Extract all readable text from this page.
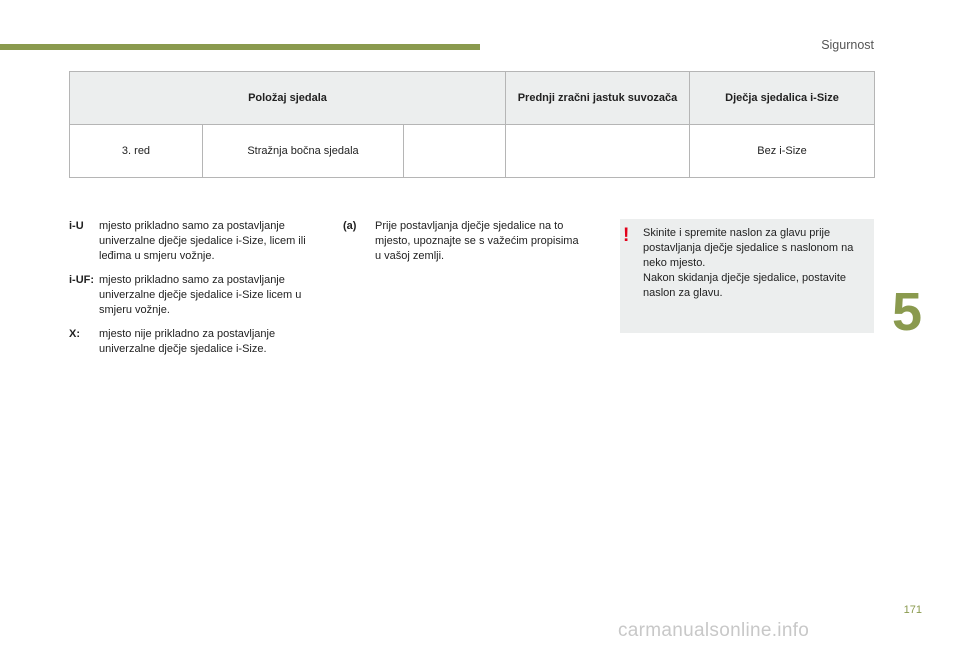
Sigurnost
Položaj sjedala			Prednji zračni jastuk suvozača	Dječja sjedalica i-Size
3. red	Stražnja bočna sjedala			Bez i-Size
i-U	mjesto prikladno samo za postavljanje univerzalne dječje sjedalice i-Size, licem ili leđima u smjeru vožnje.
i-UF: mjesto prikladno samo za postavljanje univerzalne dječje sjedalice i-Size licem u smjeru vožnje.
X:	mjesto nije prikladno za postavljanje univerzalne dječje sjedalice i-Size.
(a)	Prije postavljanja dječje sjedalice na to mjesto, upoznajte se s važećim propisima u vašoj zemlji.
! Skinite i spremite naslon za glavu prije postavljanja dječje sjedalice s naslonom na neko mjesto.
Nakon skidanja dječje sjedalice, postavite naslon za glavu.	5
171
carmanualsonline.info
